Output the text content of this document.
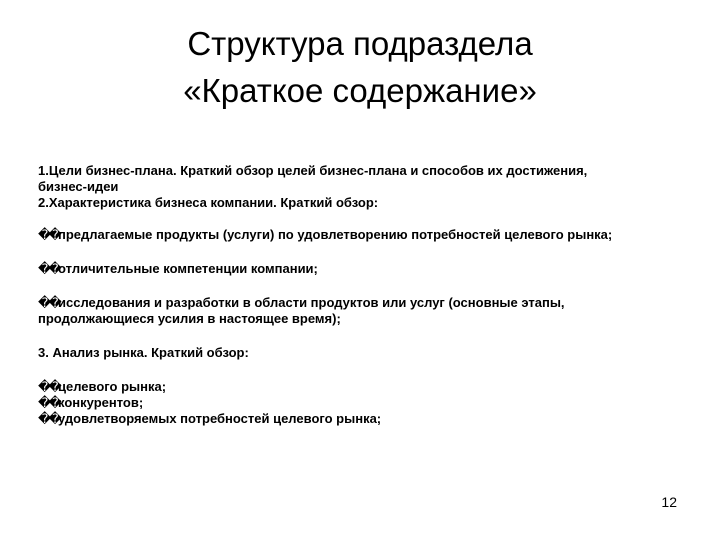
Структура подраздела
«Краткое содержание»

1.Цели бизнес-плана. Краткий обзор целей бизнес-плана и способов их достижения,

бизнес-идеи

2.Характеристика бизнеса компании. Краткий обзор:

��предлагаемые продукты (услуги) по удовлетворению потребностей целевого рынка;

��отличительные компетенции компании;

��исследования и разработки в области продуктов или услуг (основные этапы,

продолжающиеся усилия в настоящее время);

3. Анализ рынка. Краткий обзор:

��целевого рынка;

��конкурентов;

��удовлетворяемых потребностей целевого рынка;

12
